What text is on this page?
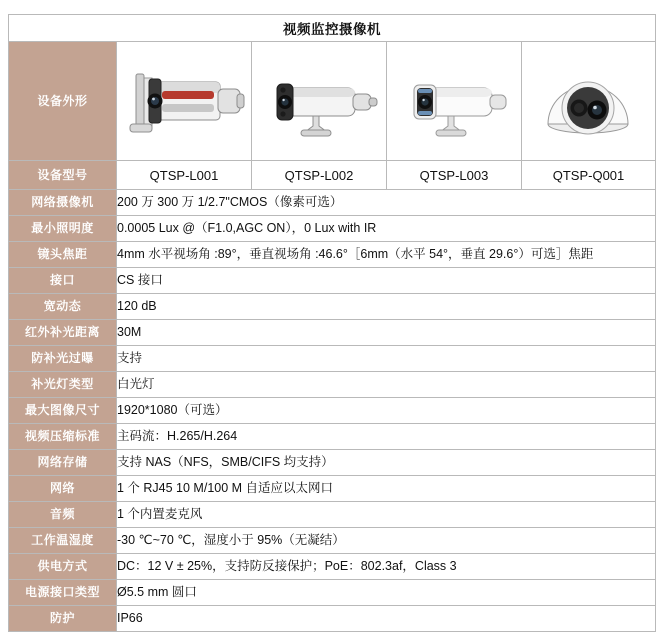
视频监控摄像机				
设备外形	

设备型号	QTSP-L001	QTSP-L002	QTSP-L003	QTSP-Q001
网络摄像机	200 万 300 万 1/2.7"CMOS（像素可选）			
最小照明度	0.0005 Lux @（F1.0,AGC ON），0 Lux with IR			
镜头焦距	4mm 水平视场角 :89°，垂直视场角 :46.6°［6mm（水平 54°，垂直 29.6°）可选］焦距			
接口	CS 接口			
宽动态	120 dB			
红外补光距离	30M			
防补光过曝	支持			
补光灯类型	白光灯			
最大图像尺寸	1920*1080（可选）			
视频压缩标准	主码流：H.265/H.264			
网络存储	支持 NAS（NFS，SMB/CIFS 均支持）			
网络	1 个 RJ45 10 M/100 M 自适应以太网口			
音频	1 个内置麦克风			
工作温湿度	-30 ℃~70 ℃，湿度小于 95%（无凝结）			
供电方式	DC：12 V ± 25%，支持防反接保护；PoE：802.3af，Class 3			
电源接口类型	Ø5.5 mm 圆口			
防护	IP66			
